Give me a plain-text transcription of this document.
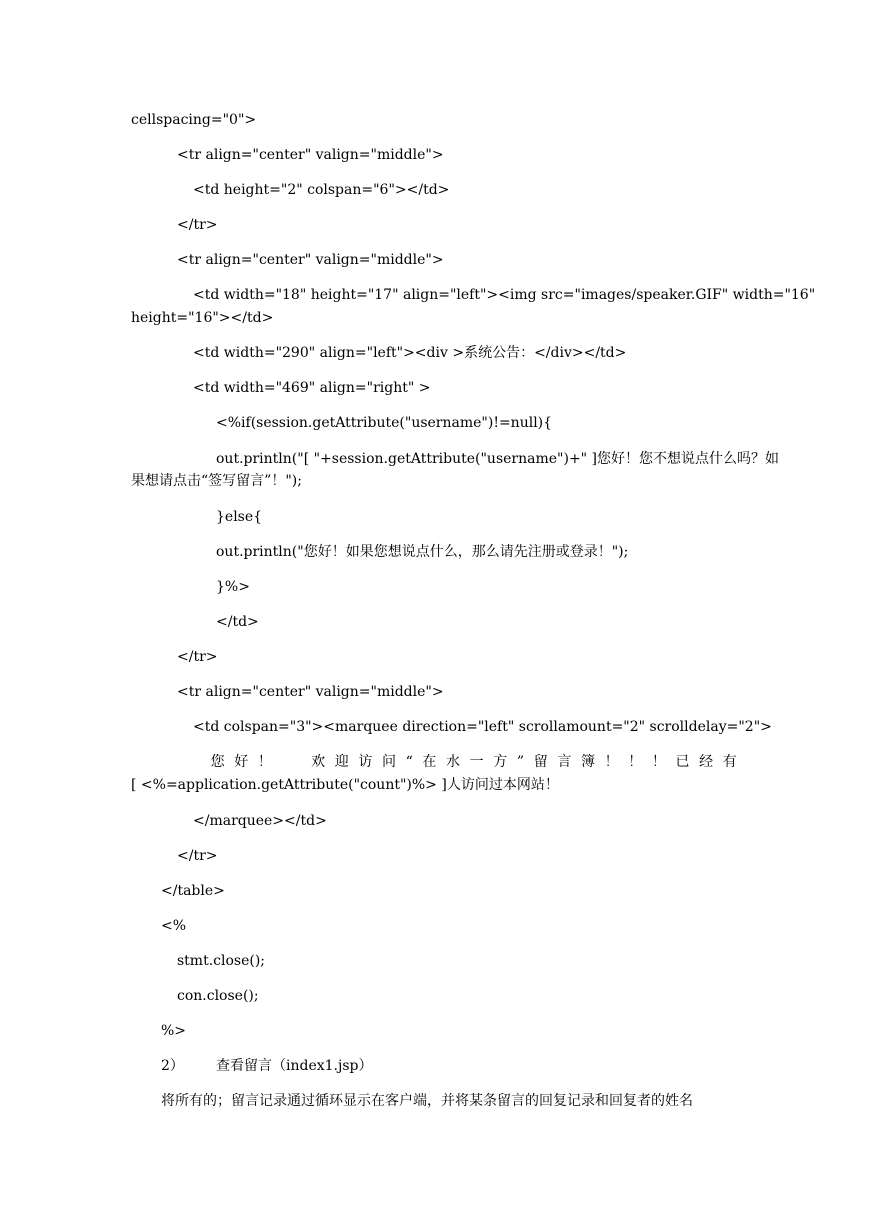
cellspacing="0">
<tr align="center" valign="middle">
<td height="2" colspan="6"></td>
</tr>
<tr align="center" valign="middle">
<td width="18" height="17" align="left"><img src="images/speaker.GIF" width="16"
height="16"></td>
<td width="290" align="left"><div >系统公告：</div></td>
<td width="469" align="right" >
<%if(session.getAttribute("username")!=null){
out.println("[ "+session.getAttribute("username")+" ]您好！您不想说点什么吗？如
果想请点击“签写留言”！");
}else{
out.println("您好！如果您想说点什么，那么请先注册或登录！");
}%>
</td>
</tr>
<tr align="center" valign="middle">
<td colspan="3"><marquee direction="left" scrollamount="2" scrolldelay="2">
您 好 ！	欢 迎 访 问 “ 在 水 一 方 ” 留 言 簿 ！ ！ ！ 已 经 有
[ <%=application.getAttribute("count")%> ]人访问过本网站！
</marquee></td>
</tr>
</table>
<%
stmt.close();
con.close();
%>
2） 查看留言（index1.jsp）
将所有的；留言记录通过循环显示在客户端，并将某条留言的回复记录和回复者的姓名
